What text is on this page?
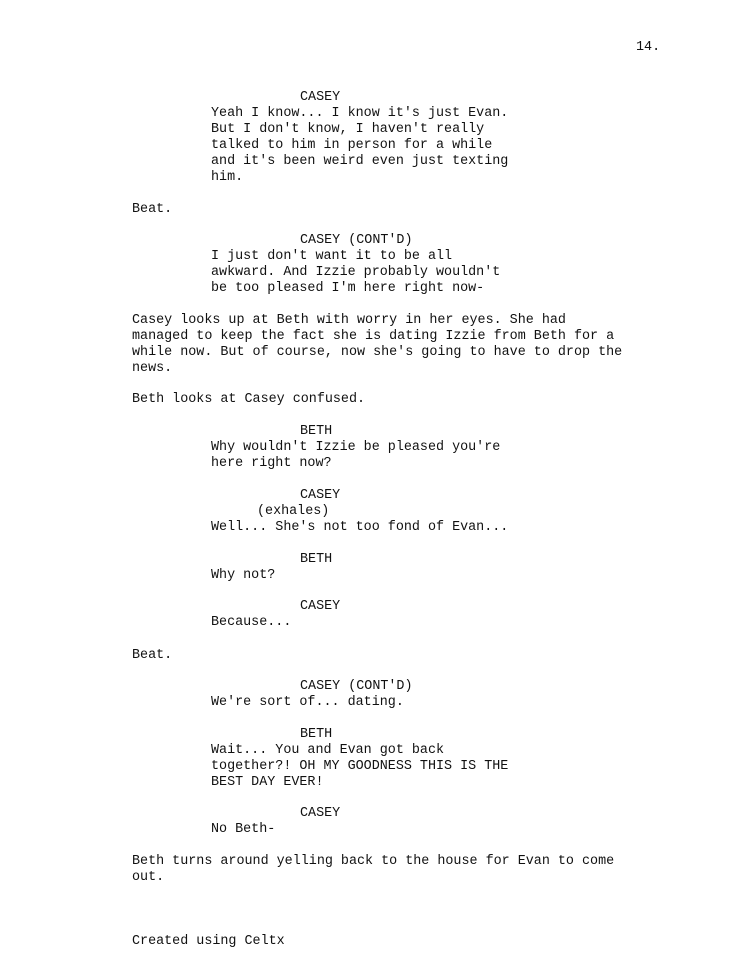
14.

CASEY

Yeah I know... I know it's just Evan.
But I don't know, I haven't really
talked to him in person for a while
and it's been weird even just texting
him.

Beat.

CASEY (CONT'D)

I just don't want it to be all
awkward. And Izzie probably wouldn't
be too pleased I'm here right now-

Casey looks up at Beth with worry in her eyes. She had
managed to keep the fact she is dating Izzie from Beth for a
while now. But of course, now she's going to have to drop the
news.

Beth looks at Casey confused.

BETH

Why wouldn't Izzie be pleased you're
here right now?

CASEY

(exhales)

Well... She's not too fond of Evan...

BETH

Why not?

CASEY

Because...

Beat.

CASEY (CONT'D)

We're sort of... dating.

BETH

Wait... You and Evan got back
together?! OH MY GOODNESS THIS IS THE
BEST DAY EVER!

CASEY

No Beth-

Beth turns around yelling back to the house for Evan to come
out.

Created using Celtx
